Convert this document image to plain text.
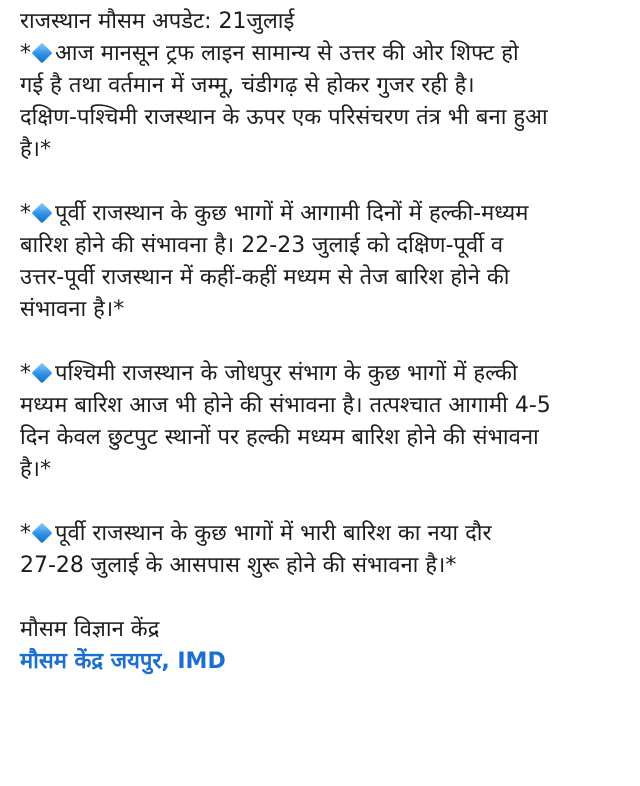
राजस्थान मौसम अपडेट: 21जुलाई
* आज मानसून ट्रफ लाइन सामान्य से उत्तर की ओर शिफ्ट हो
गई है तथा वर्तमान में जम्मू, चंडीगढ़ से होकर गुजर रही है।
दक्षिण-पश्चिमी राजस्थान के ऊपर एक परिसंचरण तंत्र भी बना हुआ
है।*
* पूर्वी राजस्थान के कुछ भागों में आगामी दिनों में हल्की-मध्यम
बारिश होने की संभावना है। 22-23 जुलाई को दक्षिण-पूर्वी व
उत्तर-पूर्वी राजस्थान में कहीं-कहीं मध्यम से तेज बारिश होने की
संभावना है।*
* पश्चिमी राजस्थान के जोधपुर संभाग के कुछ भागों में हल्की
मध्यम बारिश आज भी होने की संभावना है। तत्पश्चात आगामी 4-5
दिन केवल छुटपुट स्थानों पर हल्की मध्यम बारिश होने की संभावना
है।*
* पूर्वी राजस्थान के कुछ भागों में भारी बारिश का नया दौर
27-28 जुलाई के आसपास शुरू होने की संभावना है।*
मौसम विज्ञान केंद्र
मौसम केंद्र जयपुर, IMD
